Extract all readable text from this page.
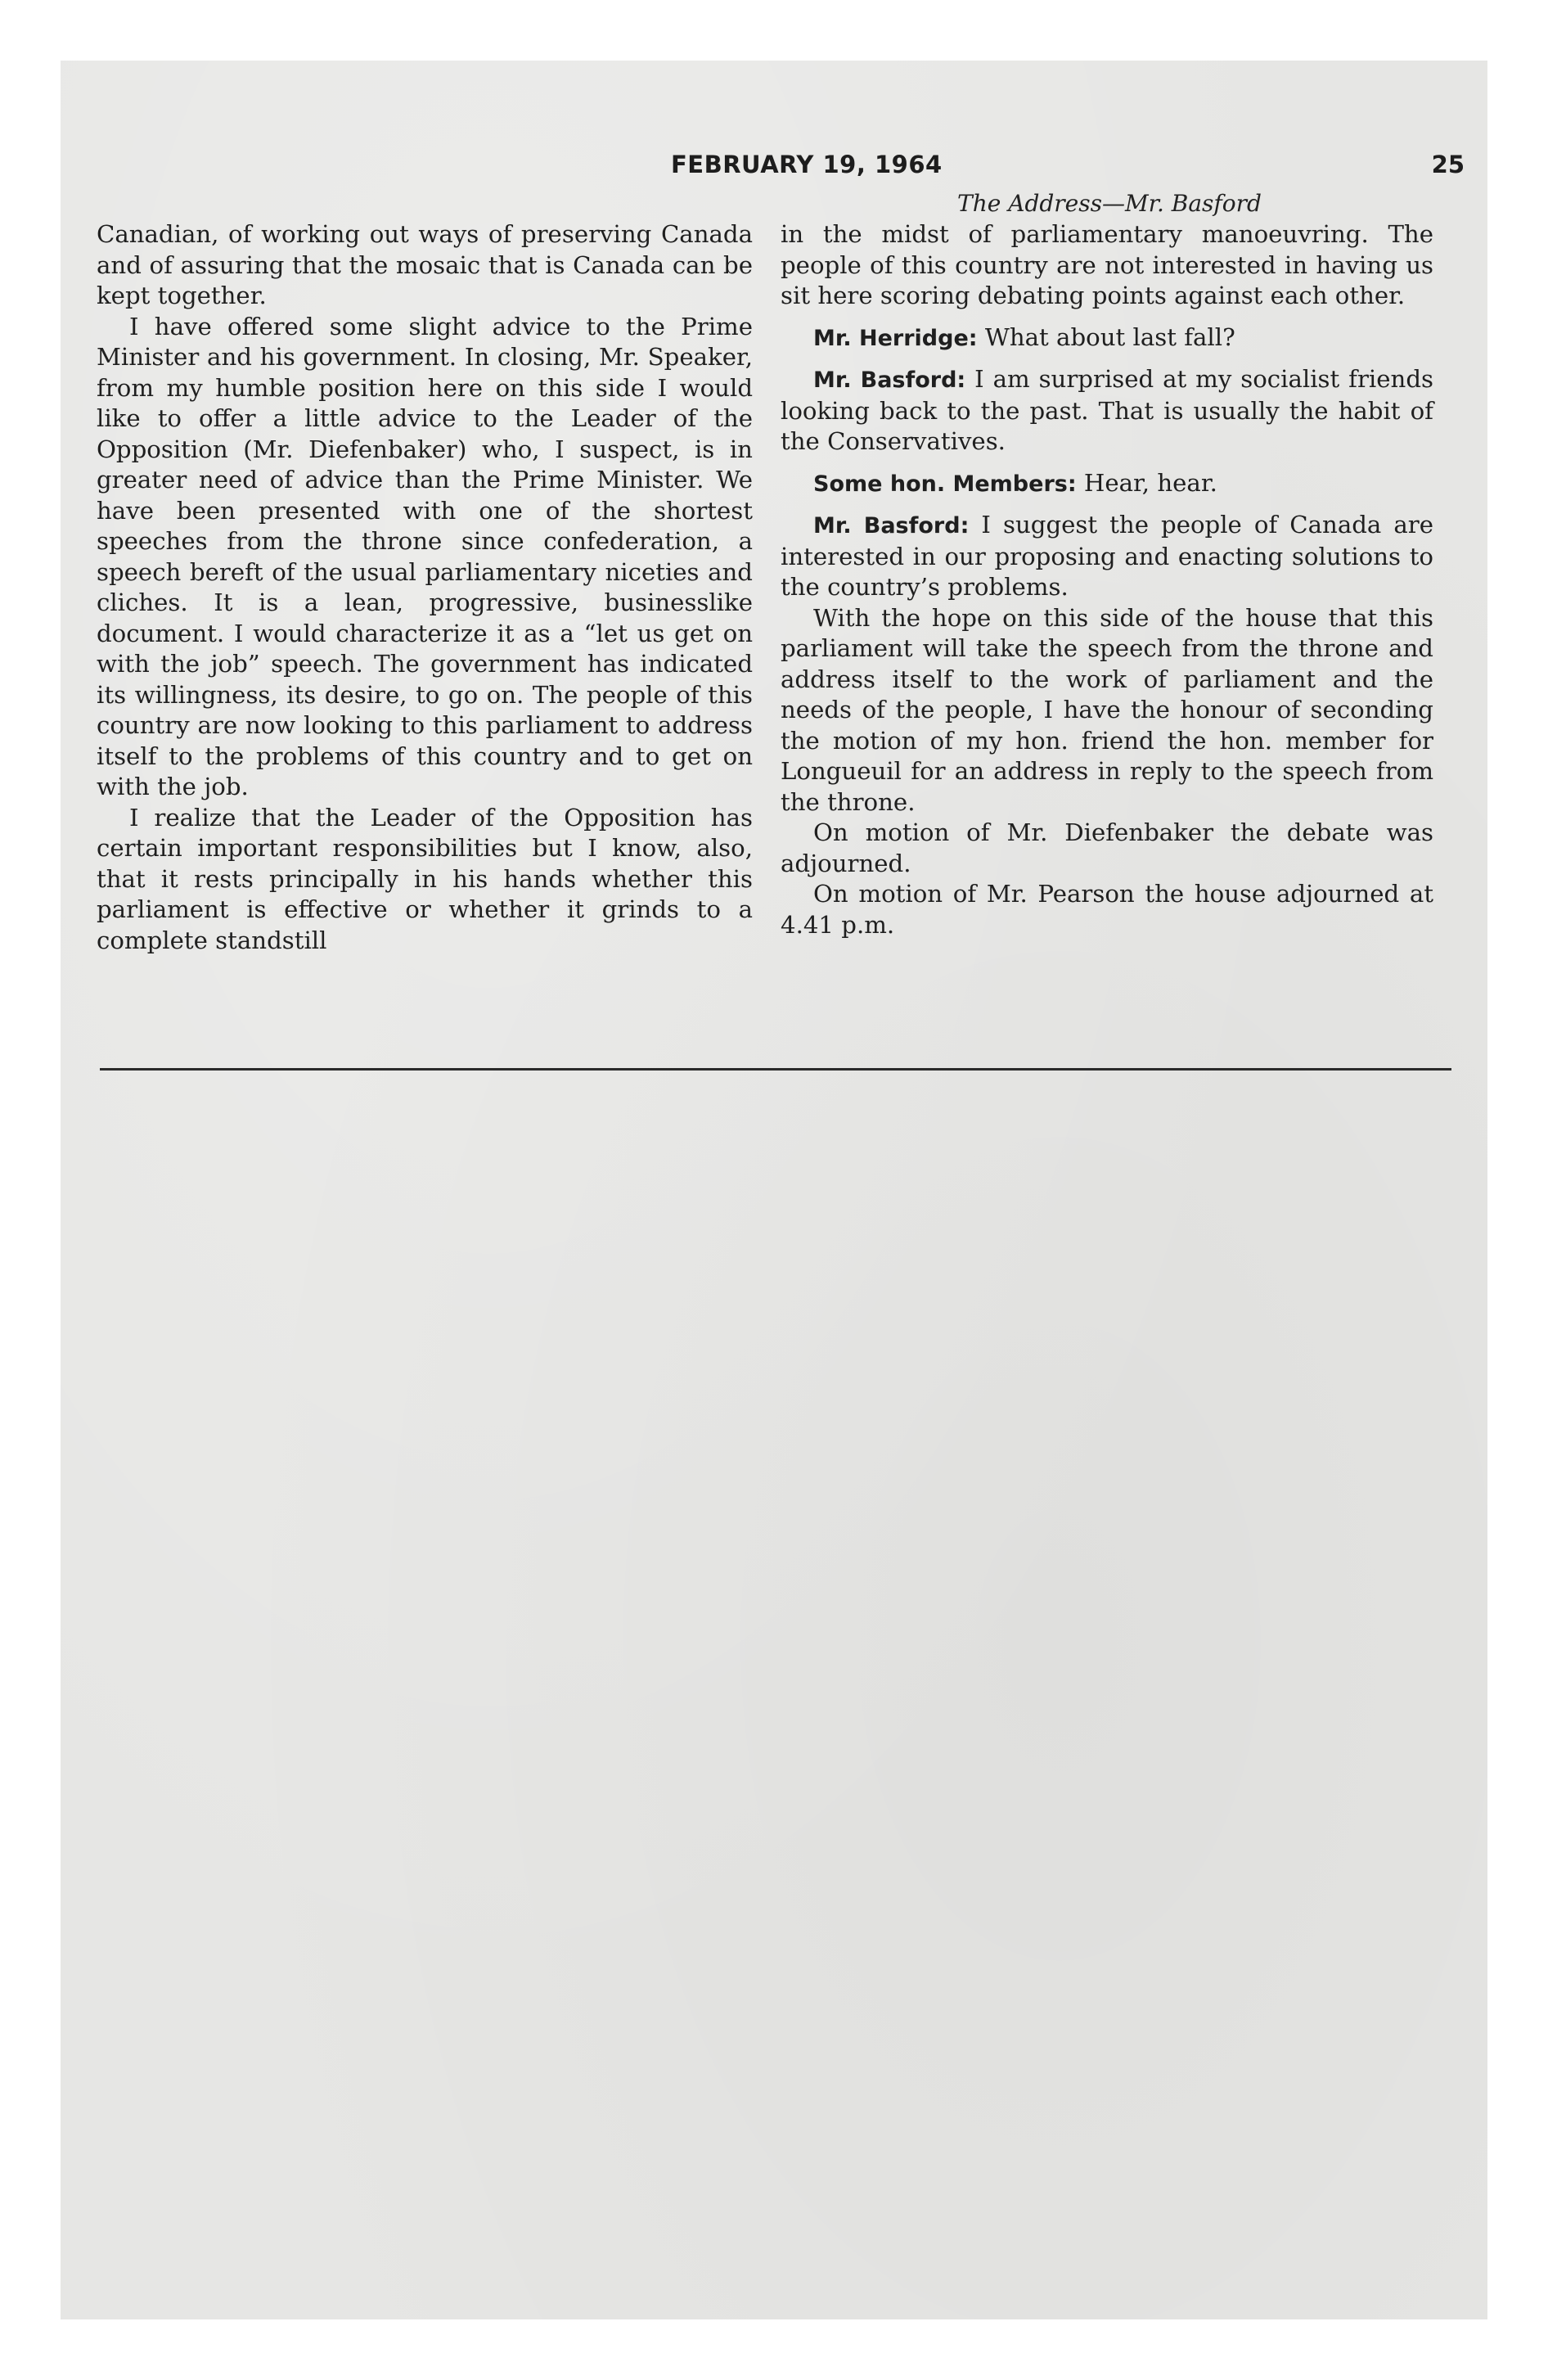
FEBRUARY 19, 1964	25
The Address—Mr. Basford

Canadian, of working out ways of preserving Canada and of assuring that the mosaic that is Canada can be kept together.

I have offered some slight advice to the Prime Minister and his government. In closing, Mr. Speaker, from my humble position here on this side I would like to offer a little advice to the Leader of the Opposition (Mr. Diefenbaker) who, I suspect, is in greater need of advice than the Prime Minister. We have been presented with one of the shortest speeches from the throne since confederation, a speech bereft of the usual parliamentary niceties and cliches. It is a lean, progressive, businesslike document. I would characterize it as a “let us get on with the job” speech. The government has indicated its willingness, its desire, to go on. The people of this country are now looking to this parliament to address itself to the problems of this country and to get on with the job.

I realize that the Leader of the Opposition has certain important responsibilities but I know, also, that it rests principally in his hands whether this parliament is effective or whether it grinds to a complete standstill

in the midst of parliamentary manoeuvring. The people of this country are not interested in having us sit here scoring debating points against each other.

Mr. Herridge: What about last fall?

Mr. Basford: I am surprised at my socialist friends looking back to the past. That is usually the habit of the Conservatives.

Some hon. Members: Hear, hear.

Mr. Basford: I suggest the people of Canada are interested in our proposing and enacting solutions to the country’s problems.

With the hope on this side of the house that this parliament will take the speech from the throne and address itself to the work of parliament and the needs of the people, I have the honour of seconding the motion of my hon. friend the hon. member for Longueuil for an address in reply to the speech from the throne.

On motion of Mr. Diefenbaker the debate was adjourned.

On motion of Mr. Pearson the house adjourned at 4.41 p.m.
